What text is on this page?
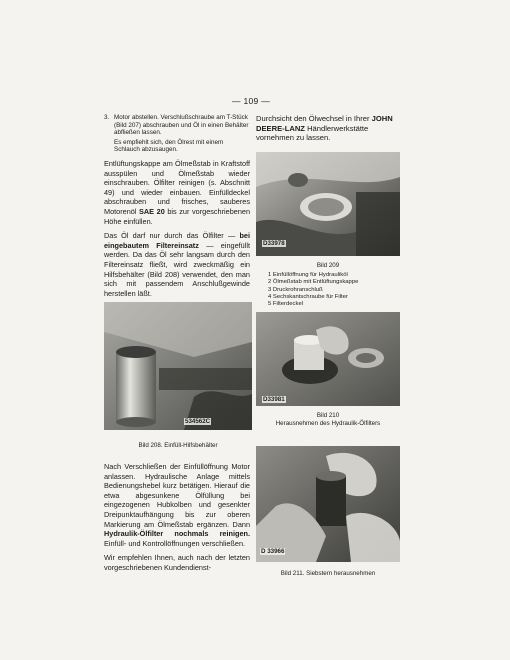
— 109 —
3. Motor abstellen. Verschlußschraube am T-Stück (Bild 207) abschrauben und Öl in einen Behälter abfließen lassen.
Es empfiehlt sich, den Ölrest mit einem Schlauch abzusaugen.
Entlüftungskappe am Ölmeßstab in Kraftstoff ausspülen und Ölmeßstab wieder einschrauben. Ölfilter reinigen (s. Abschnitt 49) und wieder einbauen. Einfülldeckel abschrauben und frisches, sauberes Motorenöl SAE 20 bis zur vorgeschriebenen Höhe einfüllen.
Das Öl darf nur durch das Ölfilter — bei eingebautem Filtereinsatz — eingefüllt werden. Da das Öl sehr langsam durch den Filtereinsatz fließt, wird zweckmäßig ein Hilfsbehälter (Bild 208) verwendet, den man sich mit passendem Anschlußgewinde herstellen läßt.
534562C
Bild 208. Einfüll-Hilfsbehälter
Nach Verschließen der Einfüllöffnung Motor anlassen. Hydraulische Anlage mittels Bedienungshebel kurz betätigen. Hierauf die etwa abgesunkene Ölfüllung bei eingezogenen Hubkolben und gesenkter Dreipunktaufhängung bis zur oberen Markierung am Ölmeßstab ergänzen. Dann Hydraulik-Ölfilter nochmals reinigen. Einfüll- und Kontrollöffnungen verschließen.
Wir empfehlen Ihnen, auch nach der letzten vorgeschriebenen Kundendienst-
Durchsicht den Ölwechsel in Ihrer JOHN DEERE-LANZ Händlerwerkstätte vornehmen zu lassen.
D33978
Bild 209
1 Einfüllöffnung für Hydrauliköl
2 Ölmeßstab mit Entlüftungskappe
3 Druckrohranschluß
4 Sechskantschraube für Filter
5 Filterdeckel
D33981
Bild 210
Herausnehmen des Hydraulik-Ölfilters
D 33966
Bild 211. Siebstern herausnehmen
